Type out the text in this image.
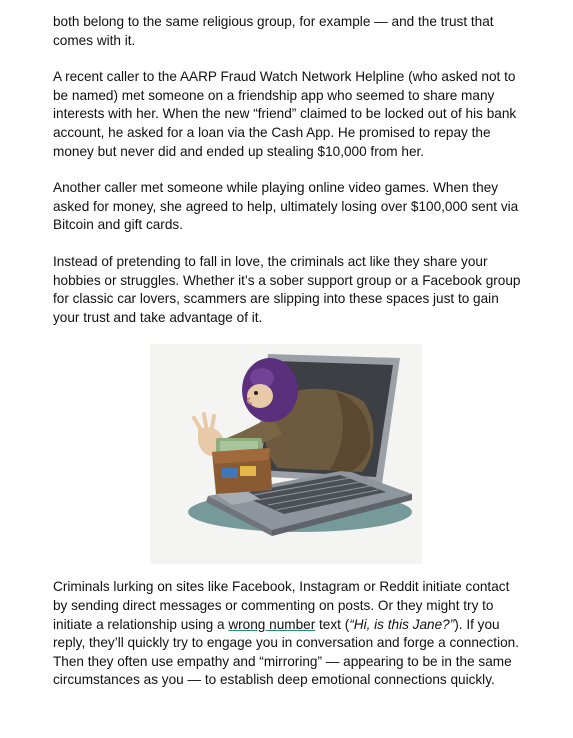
both belong to the same religious group, for example — and the trust that comes with it.

A recent caller to the AARP Fraud Watch Network Helpline (who asked not to be named) met someone on a friendship app who seemed to share many interests with her. When the new “friend” claimed to be locked out of his bank account, he asked for a loan via the Cash App. He promised to repay the money but never did and ended up stealing $10,000 from her.

Another caller met someone while playing online video games. When they asked for money, she agreed to help, ultimately losing over $100,000 sent via Bitcoin and gift cards.

Instead of pretending to fall in love, the criminals act like they share your hobbies or struggles. Whether it’s a sober support group or a Facebook group for classic car lovers, scammers are slipping into these spaces just to gain your trust and take advantage of it.

Criminals lurking on sites like Facebook, Instagram or Reddit initiate contact by sending direct messages or commenting on posts. Or they might try to initiate a relationship using a wrong number text (“Hi, is this Jane?”). If you reply, they’ll quickly try to engage you in conversation and forge a connection. Then they often use empathy and “mirroring” — appearing to be in the same circumstances as you — to establish deep emotional connections quickly.
